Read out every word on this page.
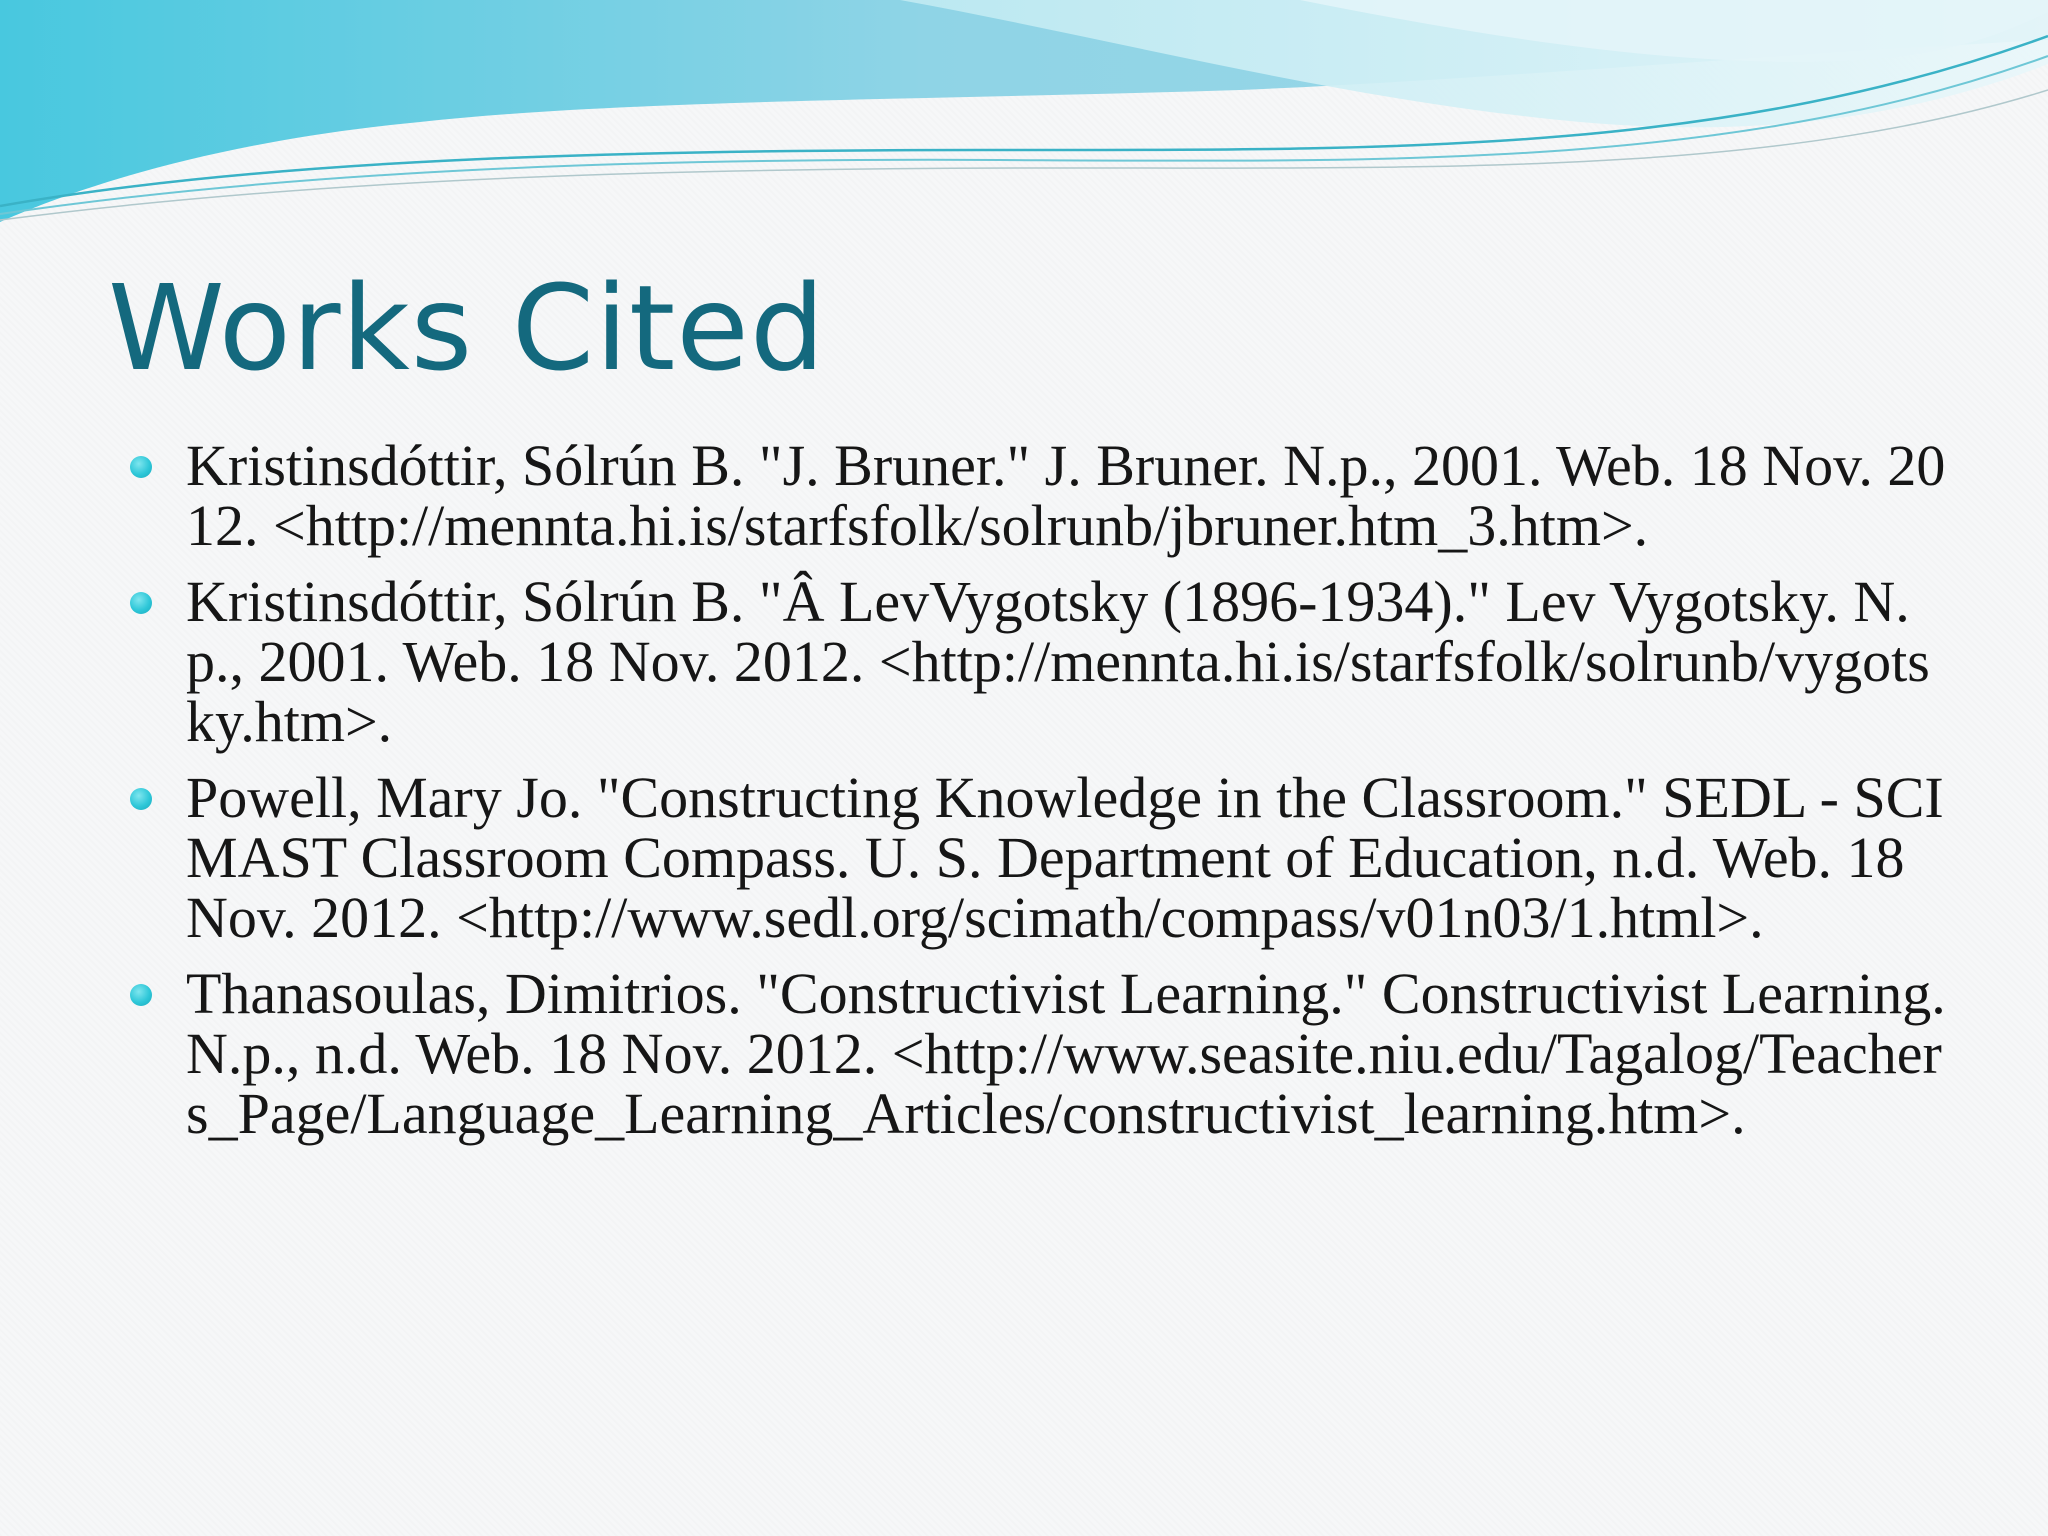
Works Cited
Kristinsdóttir, Sólrún B. "J. Bruner." J. Bruner. N.p., 2001. Web. 18 Nov. 2012. <http://mennta.hi.is/starfsfolk/solrunb/jbruner.htm_3.htm>.
Kristinsdóttir, Sólrún B. "Â LevVygotsky (1896-1934)." Lev Vygotsky. N.p., 2001. Web. 18 Nov. 2012. <http://mennta.hi.is/starfsfolk/solrunb/vygotsky.htm>.
Powell, Mary Jo. "Constructing Knowledge in the Classroom." SEDL - SCIMAST Classroom Compass. U. S. Department of Education, n.d. Web. 18 Nov. 2012. <http://www.sedl.org/scimath/compass/v01n03/1.html>.
Thanasoulas, Dimitrios. "Constructivist Learning." Constructivist Learning. N.p., n.d. Web. 18 Nov. 2012. <http://www.seasite.niu.edu/Tagalog/Teachers_Page/Language_Learning_Articles/constructivist_learning.htm>.
